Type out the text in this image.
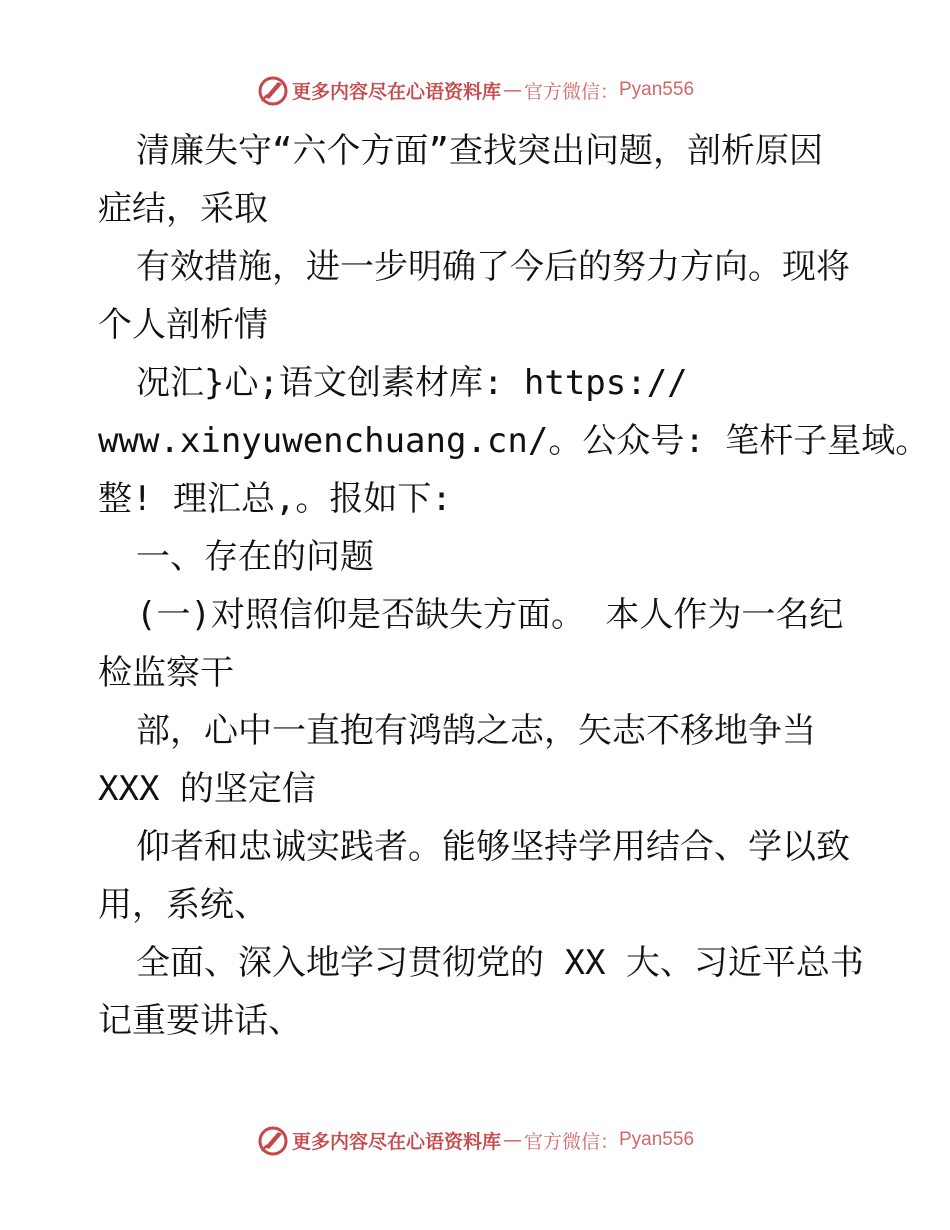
更多内容尽在心语资料库 — 官方微信： Pyan556
清廉失守“六个方面”查找突出问题，剖析原因
症结，采取
有效措施，进一步明确了今后的努力方向。现将
个人剖析情
况汇}心;语文创素材库: https://
www.xinyuwenchuang.cn/。公众号: 笔杆子星域。
整! 理汇总,。报如下:
一、存在的问题
(一)对照信仰是否缺失方面。 本人作为一名纪
检监察干
部，心中一直抱有鸿鹄之志，矢志不移地争当
XXX 的坚定信
仰者和忠诚实践者。能够坚持学用结合、学以致
用，系统、
全面、深入地学习贯彻党的 XX 大、习近平总书
记重要讲话、
更多内容尽在心语资料库 — 官方微信： Pyan556
